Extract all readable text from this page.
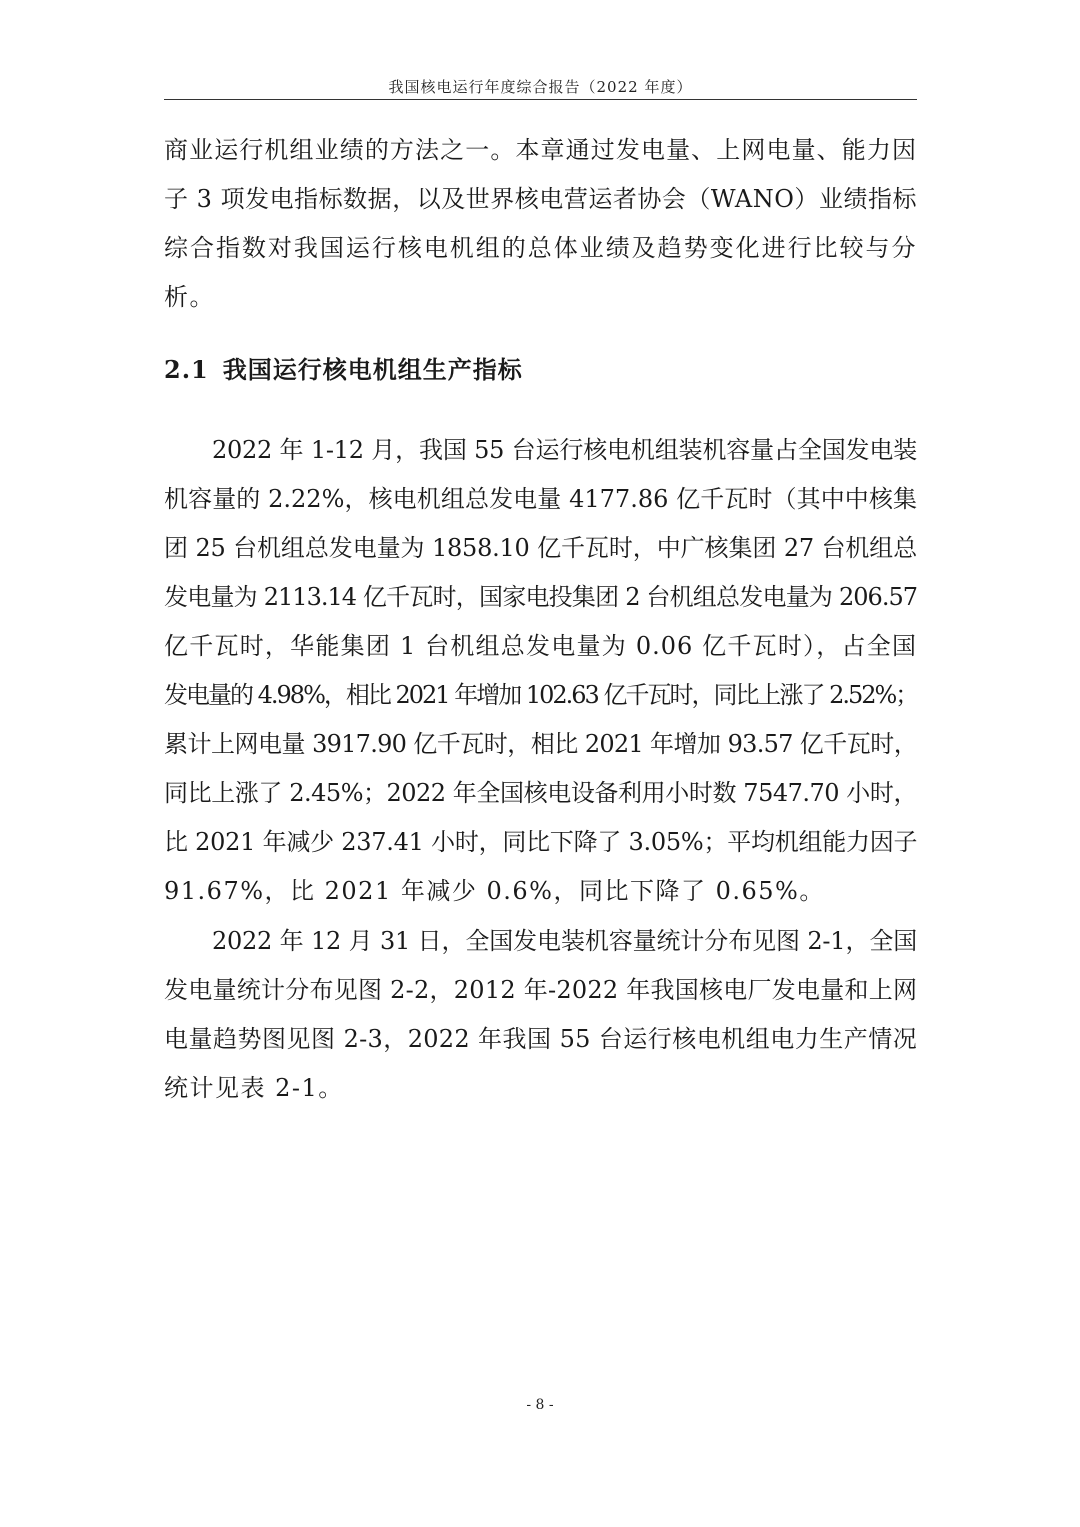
我国核电运行年度综合报告（2022 年度）
商业运行机组业绩的方法之一。本章通过发电量、上网电量、能力因
子 3 项发电指标数据，以及世界核电营运者协会（WANO）业绩指标
综合指数对我国运行核电机组的总体业绩及趋势变化进行比较与分
析。
2.1 我国运行核电机组生产指标
2022 年 1-12 月，我国 55 台运行核电机组装机容量占全国发电装
机容量的 2.22%，核电机组总发电量 4177.86 亿千瓦时（其中中核集
团 25 台机组总发电量为 1858.10 亿千瓦时，中广核集团 27 台机组总
发电量为 2113.14 亿千瓦时，国家电投集团 2 台机组总发电量为 206.57
亿千瓦时，华能集团 1 台机组总发电量为 0.06 亿千瓦时），占全国
发电量的 4.98%，相比 2021 年增加 102.63 亿千瓦时，同比上涨了 2.52%；
累计上网电量 3917.90 亿千瓦时，相比 2021 年增加 93.57 亿千瓦时，
同比上涨了 2.45%；2022 年全国核电设备利用小时数 7547.70 小时，
比 2021 年减少 237.41 小时，同比下降了 3.05%；平均机组能力因子
91.67%，比 2021 年减少 0.6%，同比下降了 0.65%。
2022 年 12 月 31 日，全国发电装机容量统计分布见图 2-1，全国
发电量统计分布见图 2-2，2012 年-2022 年我国核电厂发电量和上网
电量趋势图见图 2-3，2022 年我国 55 台运行核电机组电力生产情况
统计见表 2-1。
- 8 -
